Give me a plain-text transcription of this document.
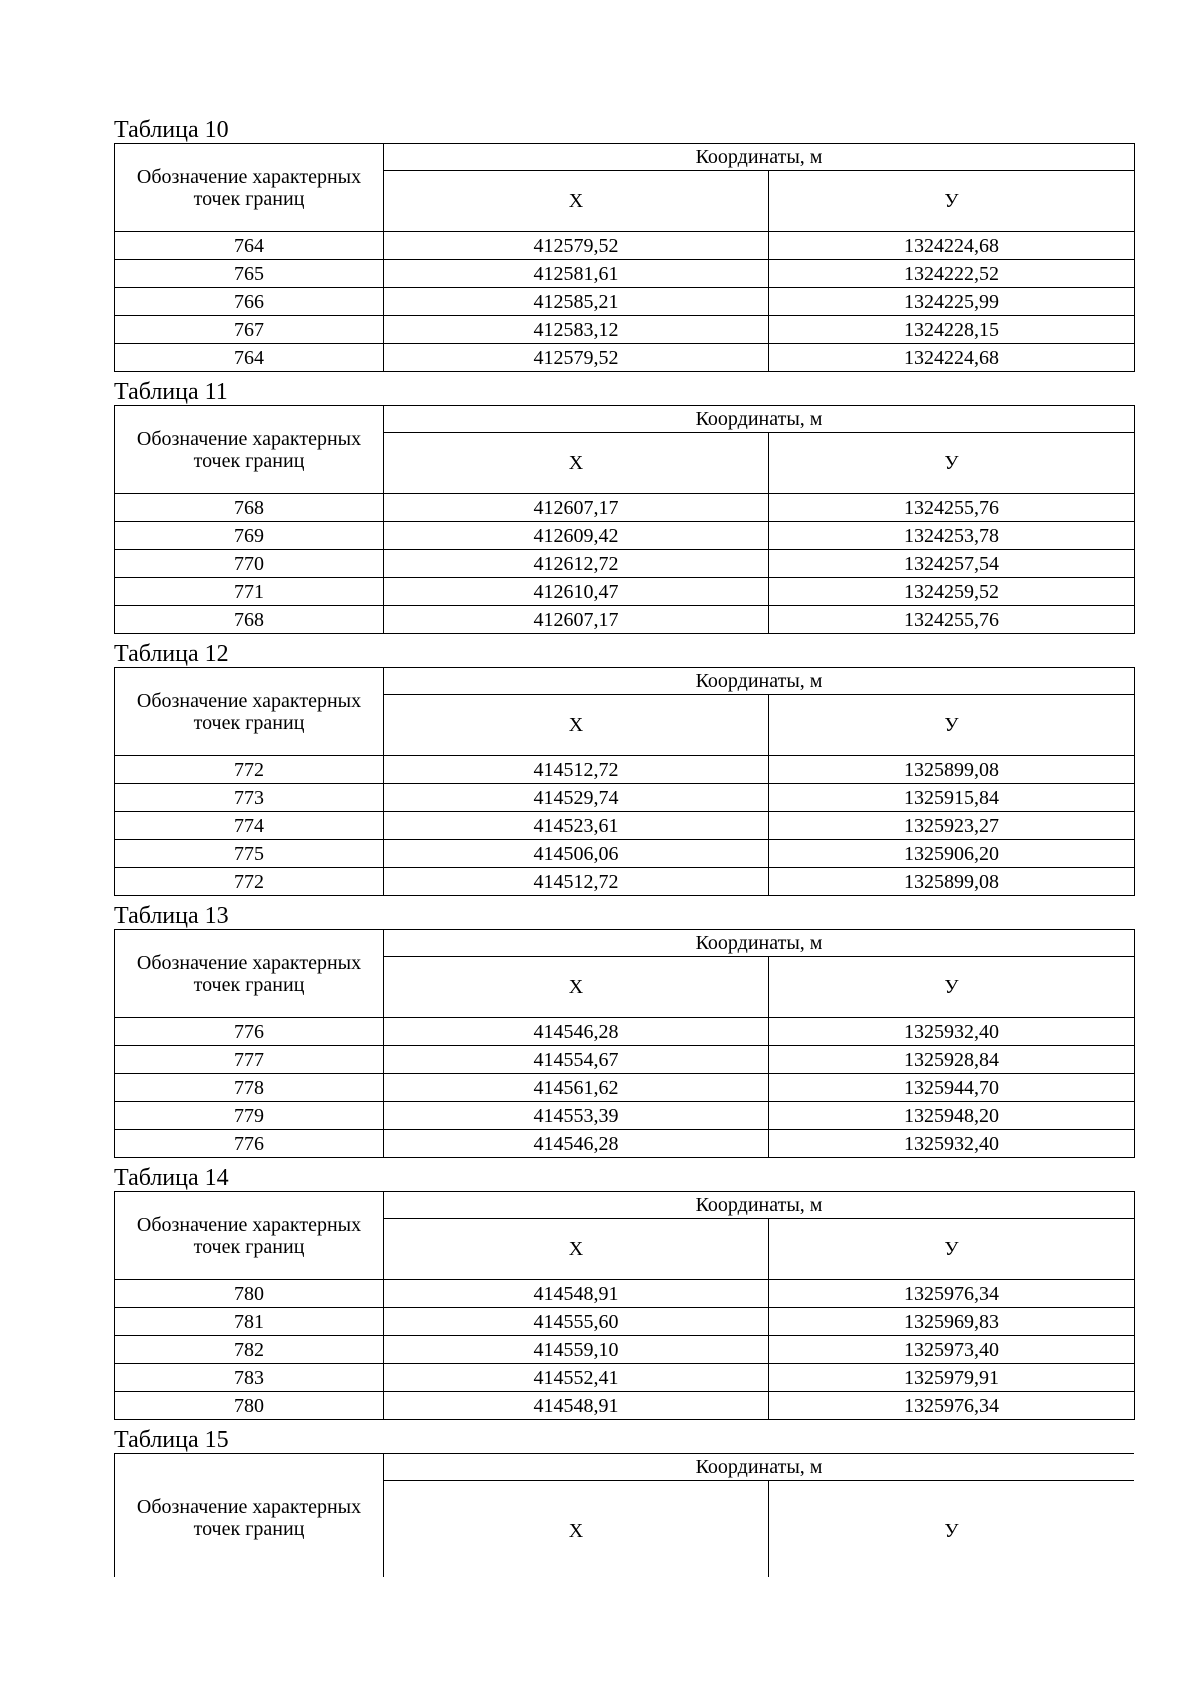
Таблица 10
Обозначение характерных точек границ	Координаты, м	
	Х	У
764	412579,52	1324224,68
765	412581,61	1324222,52
766	412585,21	1324225,99
767	412583,12	1324228,15
764	412579,52	1324224,68
Таблица 11
Обозначение характерных точек границ	Координаты, м	
	Х	У
768	412607,17	1324255,76
769	412609,42	1324253,78
770	412612,72	1324257,54
771	412610,47	1324259,52
768	412607,17	1324255,76
Таблица 12
Обозначение характерных точек границ	Координаты, м	
	Х	У
772	414512,72	1325899,08
773	414529,74	1325915,84
774	414523,61	1325923,27
775	414506,06	1325906,20
772	414512,72	1325899,08
Таблица 13
Обозначение характерных точек границ	Координаты, м	
	Х	У
776	414546,28	1325932,40
777	414554,67	1325928,84
778	414561,62	1325944,70
779	414553,39	1325948,20
776	414546,28	1325932,40
Таблица 14
Обозначение характерных точек границ	Координаты, м	
	Х	У
780	414548,91	1325976,34
781	414555,60	1325969,83
782	414559,10	1325973,40
783	414552,41	1325979,91
780	414548,91	1325976,34
Таблица 15
Обозначение характерных точек границ	Координаты, м	
	Х	У
